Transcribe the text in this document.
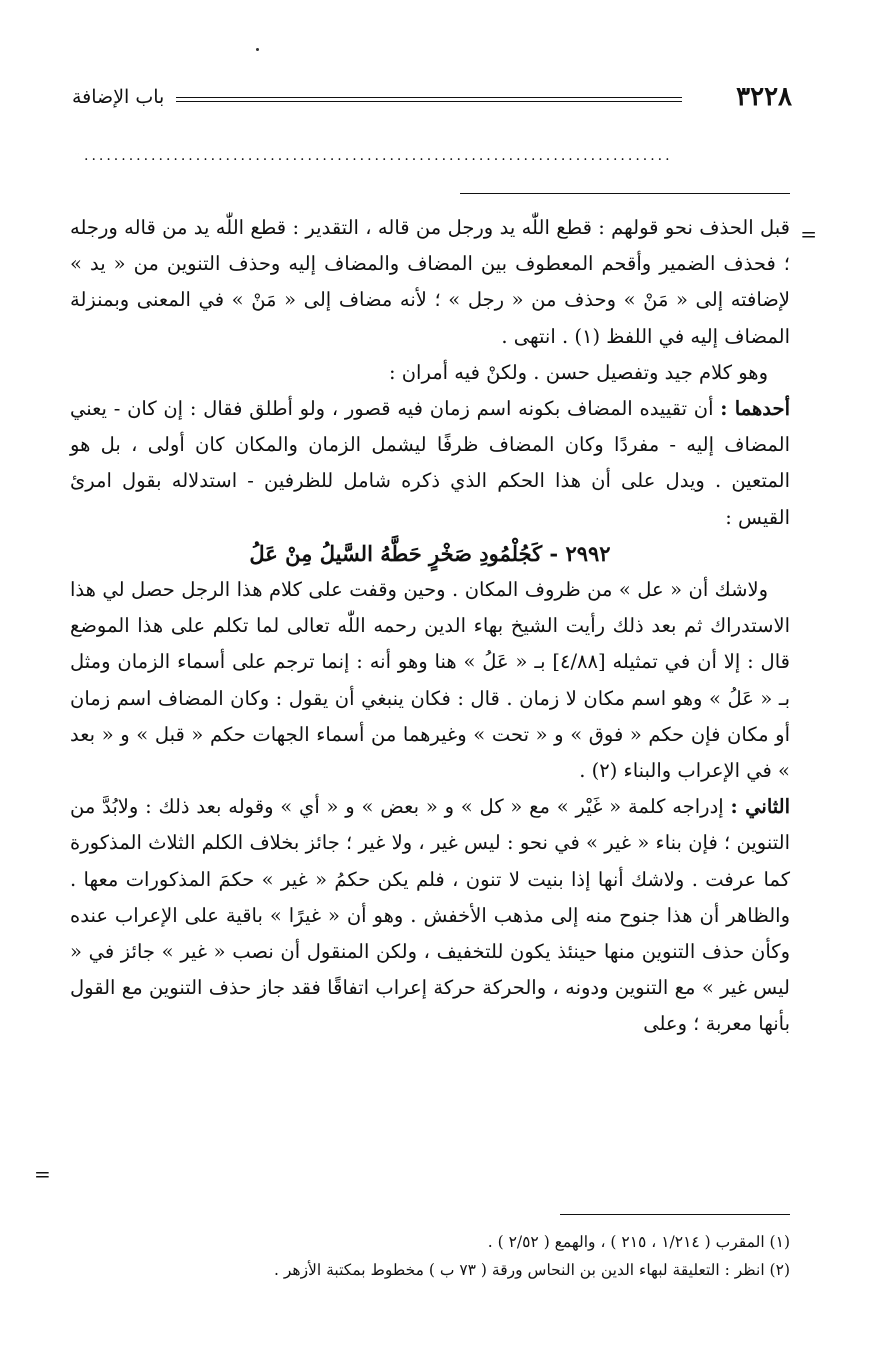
٣٢٢٨
باب الإضافة
...............................................................................
=

قبل الحذف نحو قولهم : قطع اللّٰه يد ورجل من قاله ، التقدير : قطع اللّٰه يد من قاله ورجله ؛ فحذف الضمير وأقحم المعطوف بين المضاف والمضاف إليه وحذف التنوين من « يد » لإضافته إلى « مَنْ » وحذف من « رجل » ؛ لأنه مضاف إلى « مَنْ » في المعنى وبمنزلة المضاف إليه في اللفظ (١) . انتهى .

وهو كلام جيد وتفصيل حسن . ولكنْ فيه أمران :

أحدهما : أن تقييده المضاف بكونه اسم زمان فيه قصور ، ولو أطلق فقال : إن كان - يعني المضاف إليه - مفردًا وكان المضاف ظرفًا ليشمل الزمان والمكان كان أولى ، بل هو المتعين . ويدل على أن هذا الحكم الذي ذكره شامل للظرفين - استدلاله بقول امرئ القيس :

٢٩٩٢ - كَجُلْمُودِ صَخْرٍ حَطَّهُ السَّيلُ مِنْ عَلُ

ولاشك أن « عل » من ظروف المكان . وحين وقفت على كلام هذا الرجل حصل لي هذا الاستدراك ثم بعد ذلك رأيت الشيخ بهاء الدين رحمه اللّٰه تعالى لما تكلم على هذا الموضع قال : إلا أن في تمثيله [٤/٨٨] بـ « عَلُ » هنا وهو أنه : إنما ترجم على أسماء الزمان ومثل بـ « عَلُ » وهو اسم مكان لا زمان . قال : فكان ينبغي أن يقول : وكان المضاف اسم زمان أو مكان فإن حكم « فوق » و « تحت » وغيرهما من أسماء الجهات حكم « قبل » و « بعد » في الإعراب والبناء (٢) .

الثاني : إدراجه كلمة « غَيْر » مع « كل » و « بعض » و « أي » وقوله بعد ذلك : ولابُدَّ من التنوين ؛ فإن بناء « غير » في نحو : ليس غير ، ولا غير ؛ جائز بخلاف الكلم الثلاث المذكورة كما عرفت . ولاشك أنها إذا بنيت لا تنون ، فلم يكن حكمُ « غير » حكمَ المذكورات معها . والظاهر أن هذا جنوح منه إلى مذهب الأخفش . وهو أن « غيرًا » باقية على الإعراب عنده وكأن حذف التنوين منها حينئذ يكون للتخفيف ، ولكن المنقول أن نصب « غير » جائز في « ليس غير » مع التنوين ودونه ، والحركة حركة إعراب اتفاقًا فقد جاز حذف التنوين مع القول بأنها معربة ؛ وعلى

=

(١) المقرب ( ١/٢١٤ ، ٢١٥ ) ، والهمع ( ٢/٥٢ ) .

(٢) انظر : التعليقة لبهاء الدين بن النحاس ورقة ( ٧٣ ب ) مخطوط بمكتبة الأزهر .
